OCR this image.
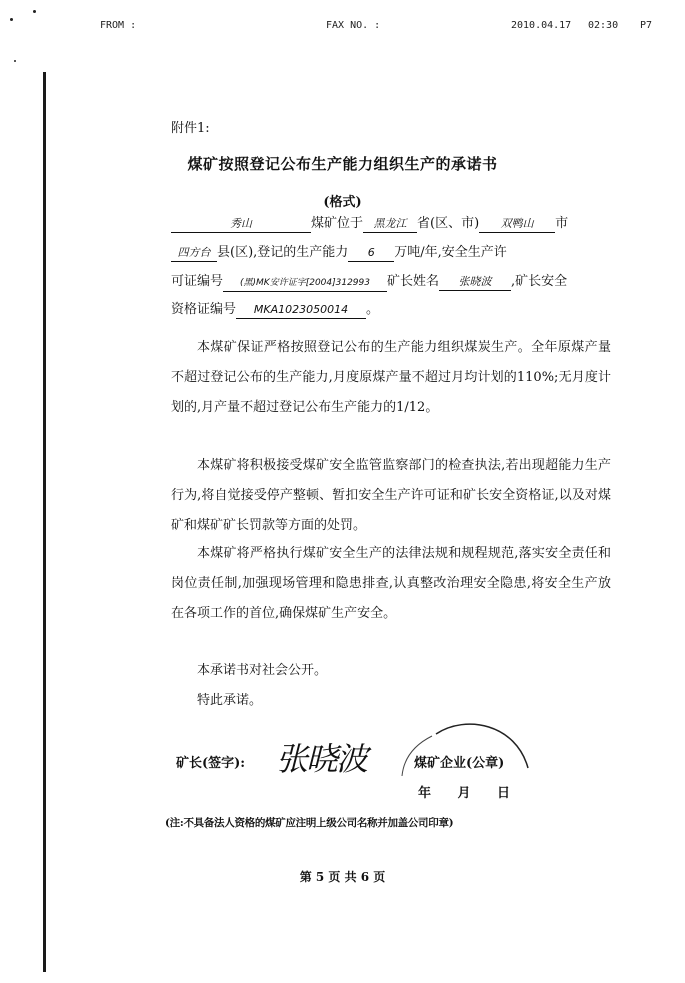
FROM :	FAX NO. :	2010.04.17 02:30 P7
附件1:
煤矿按照登记公布生产能力组织生产的承诺书
(格式)
秀山	煤矿位于 黑龙江 省(区、市) 双鸭山 市
四方台 县(区),登记的生产能力 6 万吨/年,安全生产许
可证编号 (黑)MK安许证字[2004]312993 矿长姓名 张晓波 ,矿长安全
资格证编号 MKA1023050014 。

本煤矿保证严格按照登记公布的生产能力组织煤炭生产。全年原煤产量不超过登记公布的生产能力,月度原煤产量不超过月均计划的110%;无月度计划的,月产量不超过登记公布生产能力的1/12。

本煤矿将积极接受煤矿安全监管监察部门的检查执法,若出现超能力生产行为,将自觉接受停产整顿、暂扣安全生产许可证和矿长安全资格证,以及对煤矿和煤矿矿长罚款等方面的处罚。

本煤矿将严格执行煤矿安全生产的法律法规和规程规范,落实安全责任和岗位责任制,加强现场管理和隐患排查,认真整改治理安全隐患,将安全生产放在各项工作的首位,确保煤矿生产安全。

本承诺书对社会公开。

特此承诺。

矿长(签字): 张晓波	煤矿企业(公章)
年 月 日
(注:不具备法人资格的煤矿应注明上级公司名称并加盖公司印章)
第 5 页 共 6 页
